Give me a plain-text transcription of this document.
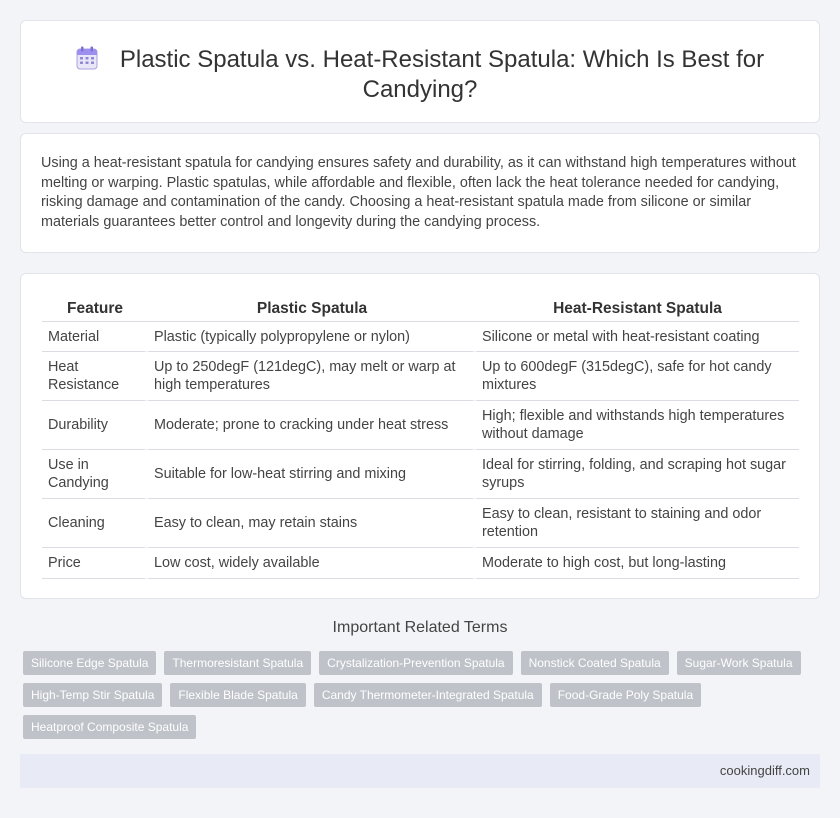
Plastic Spatula vs. Heat-Resistant Spatula: Which Is Best for Candying?

Using a heat-resistant spatula for candying ensures safety and durability, as it can withstand high temperatures without melting or warping. Plastic spatulas, while affordable and flexible, often lack the heat tolerance needed for candying, risking damage and contamination of the candy. Choosing a heat-resistant spatula made from silicone or similar materials guarantees better control and longevity during the candying process.

Feature	Plastic Spatula	Heat-Resistant Spatula
Material	Plastic (typically polypropylene or nylon)	Silicone or metal with heat-resistant coating
Heat Resistance	Up to 250degF (121degC), may melt or warp at high temperatures	Up to 600degF (315degC), safe for hot candy mixtures
Durability	Moderate; prone to cracking under heat stress	High; flexible and withstands high temperatures without damage
Use in Candying	Suitable for low-heat stirring and mixing	Ideal for stirring, folding, and scraping hot sugar syrups
Cleaning	Easy to clean, may retain stains	Easy to clean, resistant to staining and odor retention
Price	Low cost, widely available	Moderate to high cost, but long-lasting
Important Related Terms
Silicone Edge Spatula	Thermoresistant Spatula	Crystalization-Prevention Spatula	Nonstick Coated Spatula	Sugar-Work Spatula
High-Temp Stir Spatula	Flexible Blade Spatula	Candy Thermometer-Integrated Spatula	Food-Grade Poly Spatula
Heatproof Composite Spatula
cookingdiff.com
